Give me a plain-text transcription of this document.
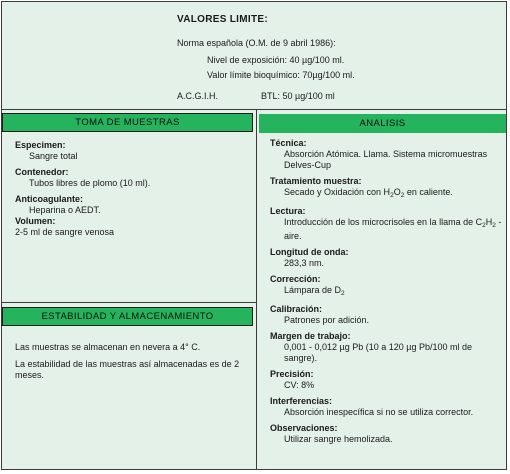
VALORES LIMITE:
Norma española (O.M. de 9 abril 1986):
Nivel de exposición: 40 µg/100 ml.
Valor límite bioquímico: 70µg/100 ml.
A.C.G.I.H.	BTL: 50 µg/100 ml
TOMA DE MUESTRAS	ANALISIS
Especimen:
Sangre total
Contenedor:
Tubos libres de plomo (10 ml).
Anticoagulante:
Heparina o AEDT.
Volumen:
2-5 ml de sangre venosa
ESTABILIDAD Y ALMACENAMIENTO

Las muestras se almacenan en nevera a 4° C.

La estabilidad de las muestras así almacenadas es de 2 meses.

Técnica:
Absorción Atómica. Llama. Sistema micromuestras Delves-Cup
Tratamiento muestra:
Secado y Oxidación con $H_2O_2$ en caliente.
Lectura:
Introducción de los microcrisoles en la llama de $C_2H_2$ - aire.
Longitud de onda:
283,3 nm.
Corrección:
Lámpara de $D_2$
Calibración:
Patrones por adición.
Margen de trabajo:
0,001 - 0,012 µg Pb (10 a 120 µg Pb/100 ml de sangre).
Precisión:
CV: 8%
Interferencias:
Absorción inespecífica si no se utiliza corrector.
Observaciones:
Utilizar sangre hemolizada.
